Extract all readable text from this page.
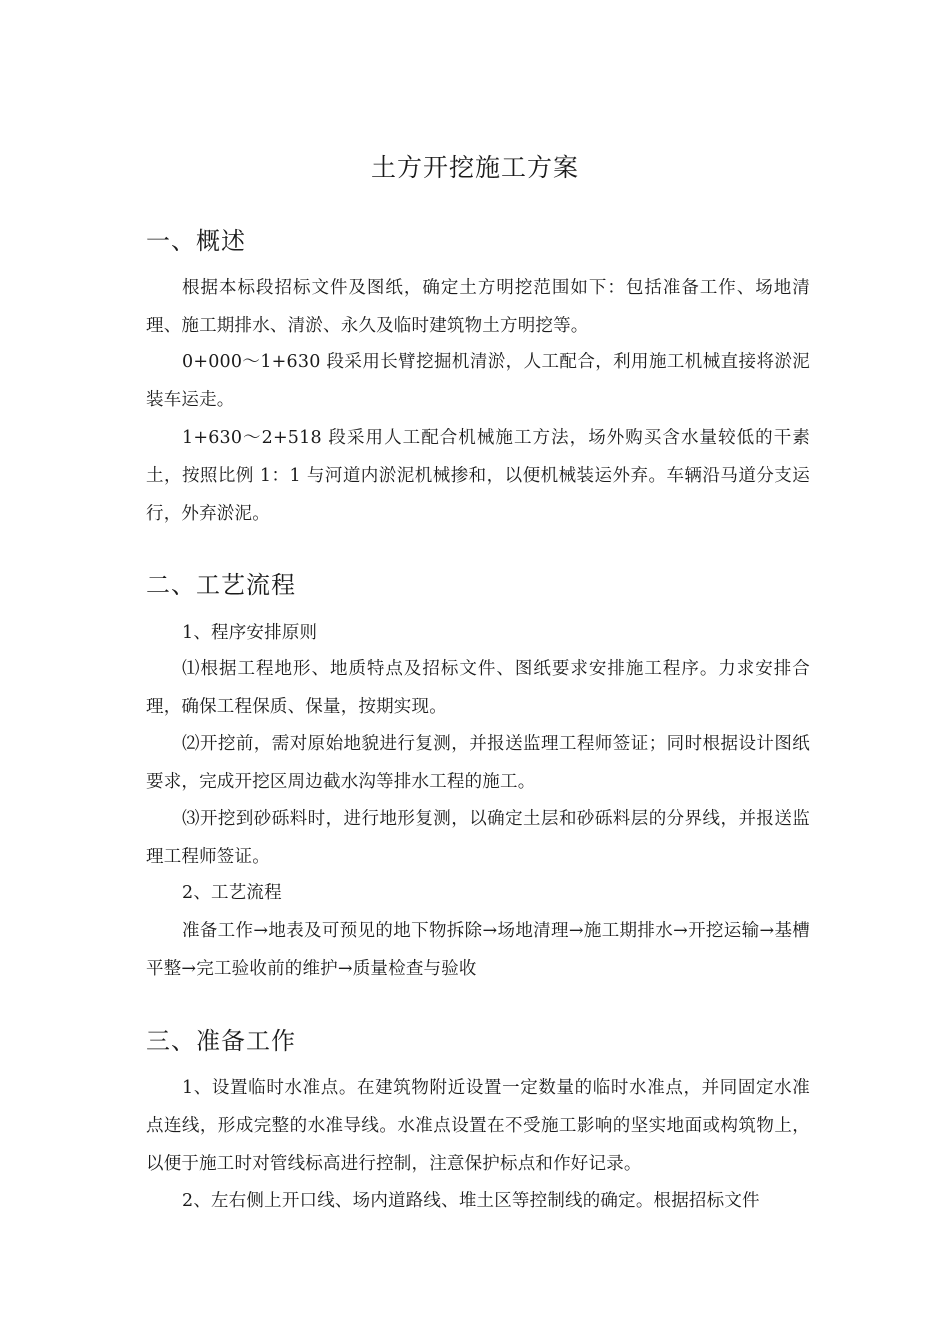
土方开挖施工方案
一、概述
根据本标段招标文件及图纸，确定土方明挖范围如下：包括准备工作、场地清理、施工期排水、清淤、永久及临时建筑物土方明挖等。
0+000～1+630 段采用长臂挖掘机清淤，人工配合，利用施工机械直接将淤泥装车运走。
1+630～2+518 段采用人工配合机械施工方法，场外购买含水量较低的干素土，按照比例 1：1 与河道内淤泥机械掺和，以便机械装运外弃。车辆沿马道分支运行，外弃淤泥。
二、工艺流程
1、程序安排原则
⑴根据工程地形、地质特点及招标文件、图纸要求安排施工程序。力求安排合理，确保工程保质、保量，按期实现。
⑵开挖前，需对原始地貌进行复测，并报送监理工程师签证；同时根据设计图纸要求，完成开挖区周边截水沟等排水工程的施工。
⑶开挖到砂砾料时，进行地形复测，以确定土层和砂砾料层的分界线，并报送监理工程师签证。
2、工艺流程
准备工作→地表及可预见的地下物拆除→场地清理→施工期排水→开挖运输→基槽平整→完工验收前的维护→质量检查与验收
三、准备工作
1、设置临时水准点。在建筑物附近设置一定数量的临时水准点，并同固定水准点连线，形成完整的水准导线。水准点设置在不受施工影响的坚实地面或构筑物上，以便于施工时对管线标高进行控制，注意保护标点和作好记录。
2、左右侧上开口线、场内道路线、堆土区等控制线的确定。根据招标文件
